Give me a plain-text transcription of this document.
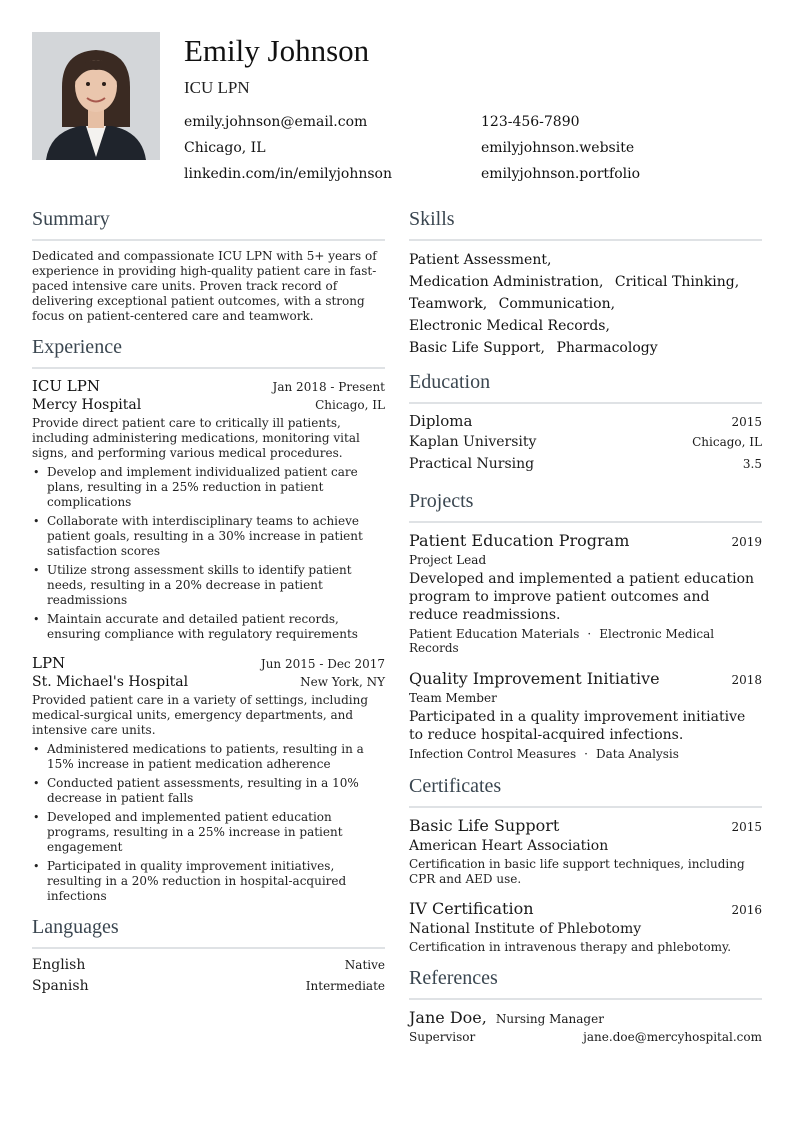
Emily Johnson
ICU LPN
emily.johnson@email.com	123-456-7890
Chicago, IL	emilyjohnson.website
linkedin.com/in/emilyjohnson	emilyjohnson.portfolio
Summary
Dedicated and compassionate ICU LPN with 5+ years of experience in providing high-quality patient care in fast-paced intensive care units. Proven track record of delivering exceptional patient outcomes, with a strong focus on patient-centered care and teamwork.
Experience
ICU LPN	Jan 2018 - Present
Mercy Hospital	Chicago, IL
Provide direct patient care to critically ill patients, including administering medications, monitoring vital signs, and performing various medical procedures.
• Develop and implement individualized patient care plans, resulting in a 25% reduction in patient complications
• Collaborate with interdisciplinary teams to achieve patient goals, resulting in a 30% increase in patient satisfaction scores
• Utilize strong assessment skills to identify patient needs, resulting in a 20% decrease in patient readmissions
• Maintain accurate and detailed patient records, ensuring compliance with regulatory requirements
LPN	Jun 2015 - Dec 2017
St. Michael's Hospital	New York, NY
Provided patient care in a variety of settings, including medical-surgical units, emergency departments, and intensive care units.
• Administered medications to patients, resulting in a 15% increase in patient medication adherence
• Conducted patient assessments, resulting in a 10% decrease in patient falls
• Developed and implemented patient education programs, resulting in a 25% increase in patient engagement
• Participated in quality improvement initiatives, resulting in a 20% reduction in hospital-acquired infections
Languages
English	Native
Spanish	Intermediate
Skills
Patient Assessment, Medication Administration, Critical Thinking, Teamwork, Communication, Electronic Medical Records, Basic Life Support, Pharmacology
Education
Diploma	2015
Kaplan University	Chicago, IL
Practical Nursing	3.5
Projects
Patient Education Program	2019
Project Lead
Developed and implemented a patient education program to improve patient outcomes and reduce readmissions.
Patient Education Materials · Electronic Medical Records
Quality Improvement Initiative	2018
Team Member
Participated in a quality improvement initiative to reduce hospital-acquired infections.
Infection Control Measures · Data Analysis
Certificates
Basic Life Support	2015
American Heart Association
Certification in basic life support techniques, including CPR and AED use.
IV Certification	2016
National Institute of Phlebotomy
Certification in intravenous therapy and phlebotomy.
References
Jane Doe, Nursing Manager
Supervisor	jane.doe@mercyhospital.com
